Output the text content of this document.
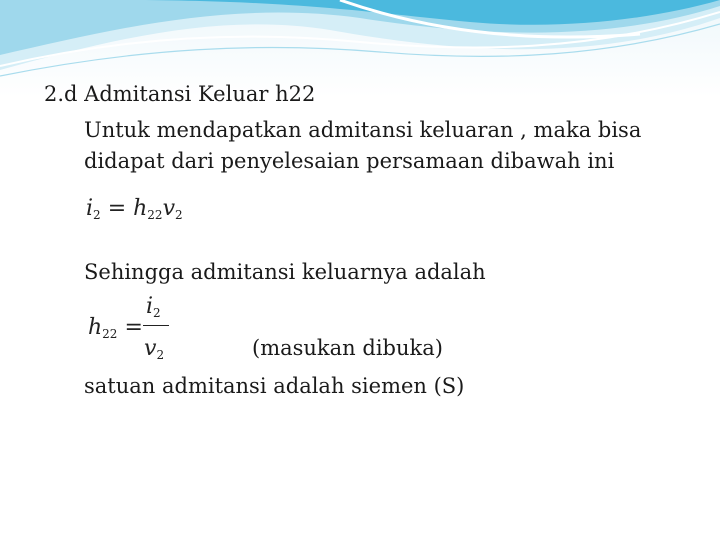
2.d Admitansi Keluar h22
Untuk mendapatkan admitansi keluaran , maka bisa
didapat dari penyelesaian persamaan dibawah ini
$i_2 = h_{22}v_2$
Sehingga admitansi keluarnya adalah
$h_{22}$ =
$i_2$
$v_2$	(masukan dibuka)
satuan admitansi adalah siemen (S)
